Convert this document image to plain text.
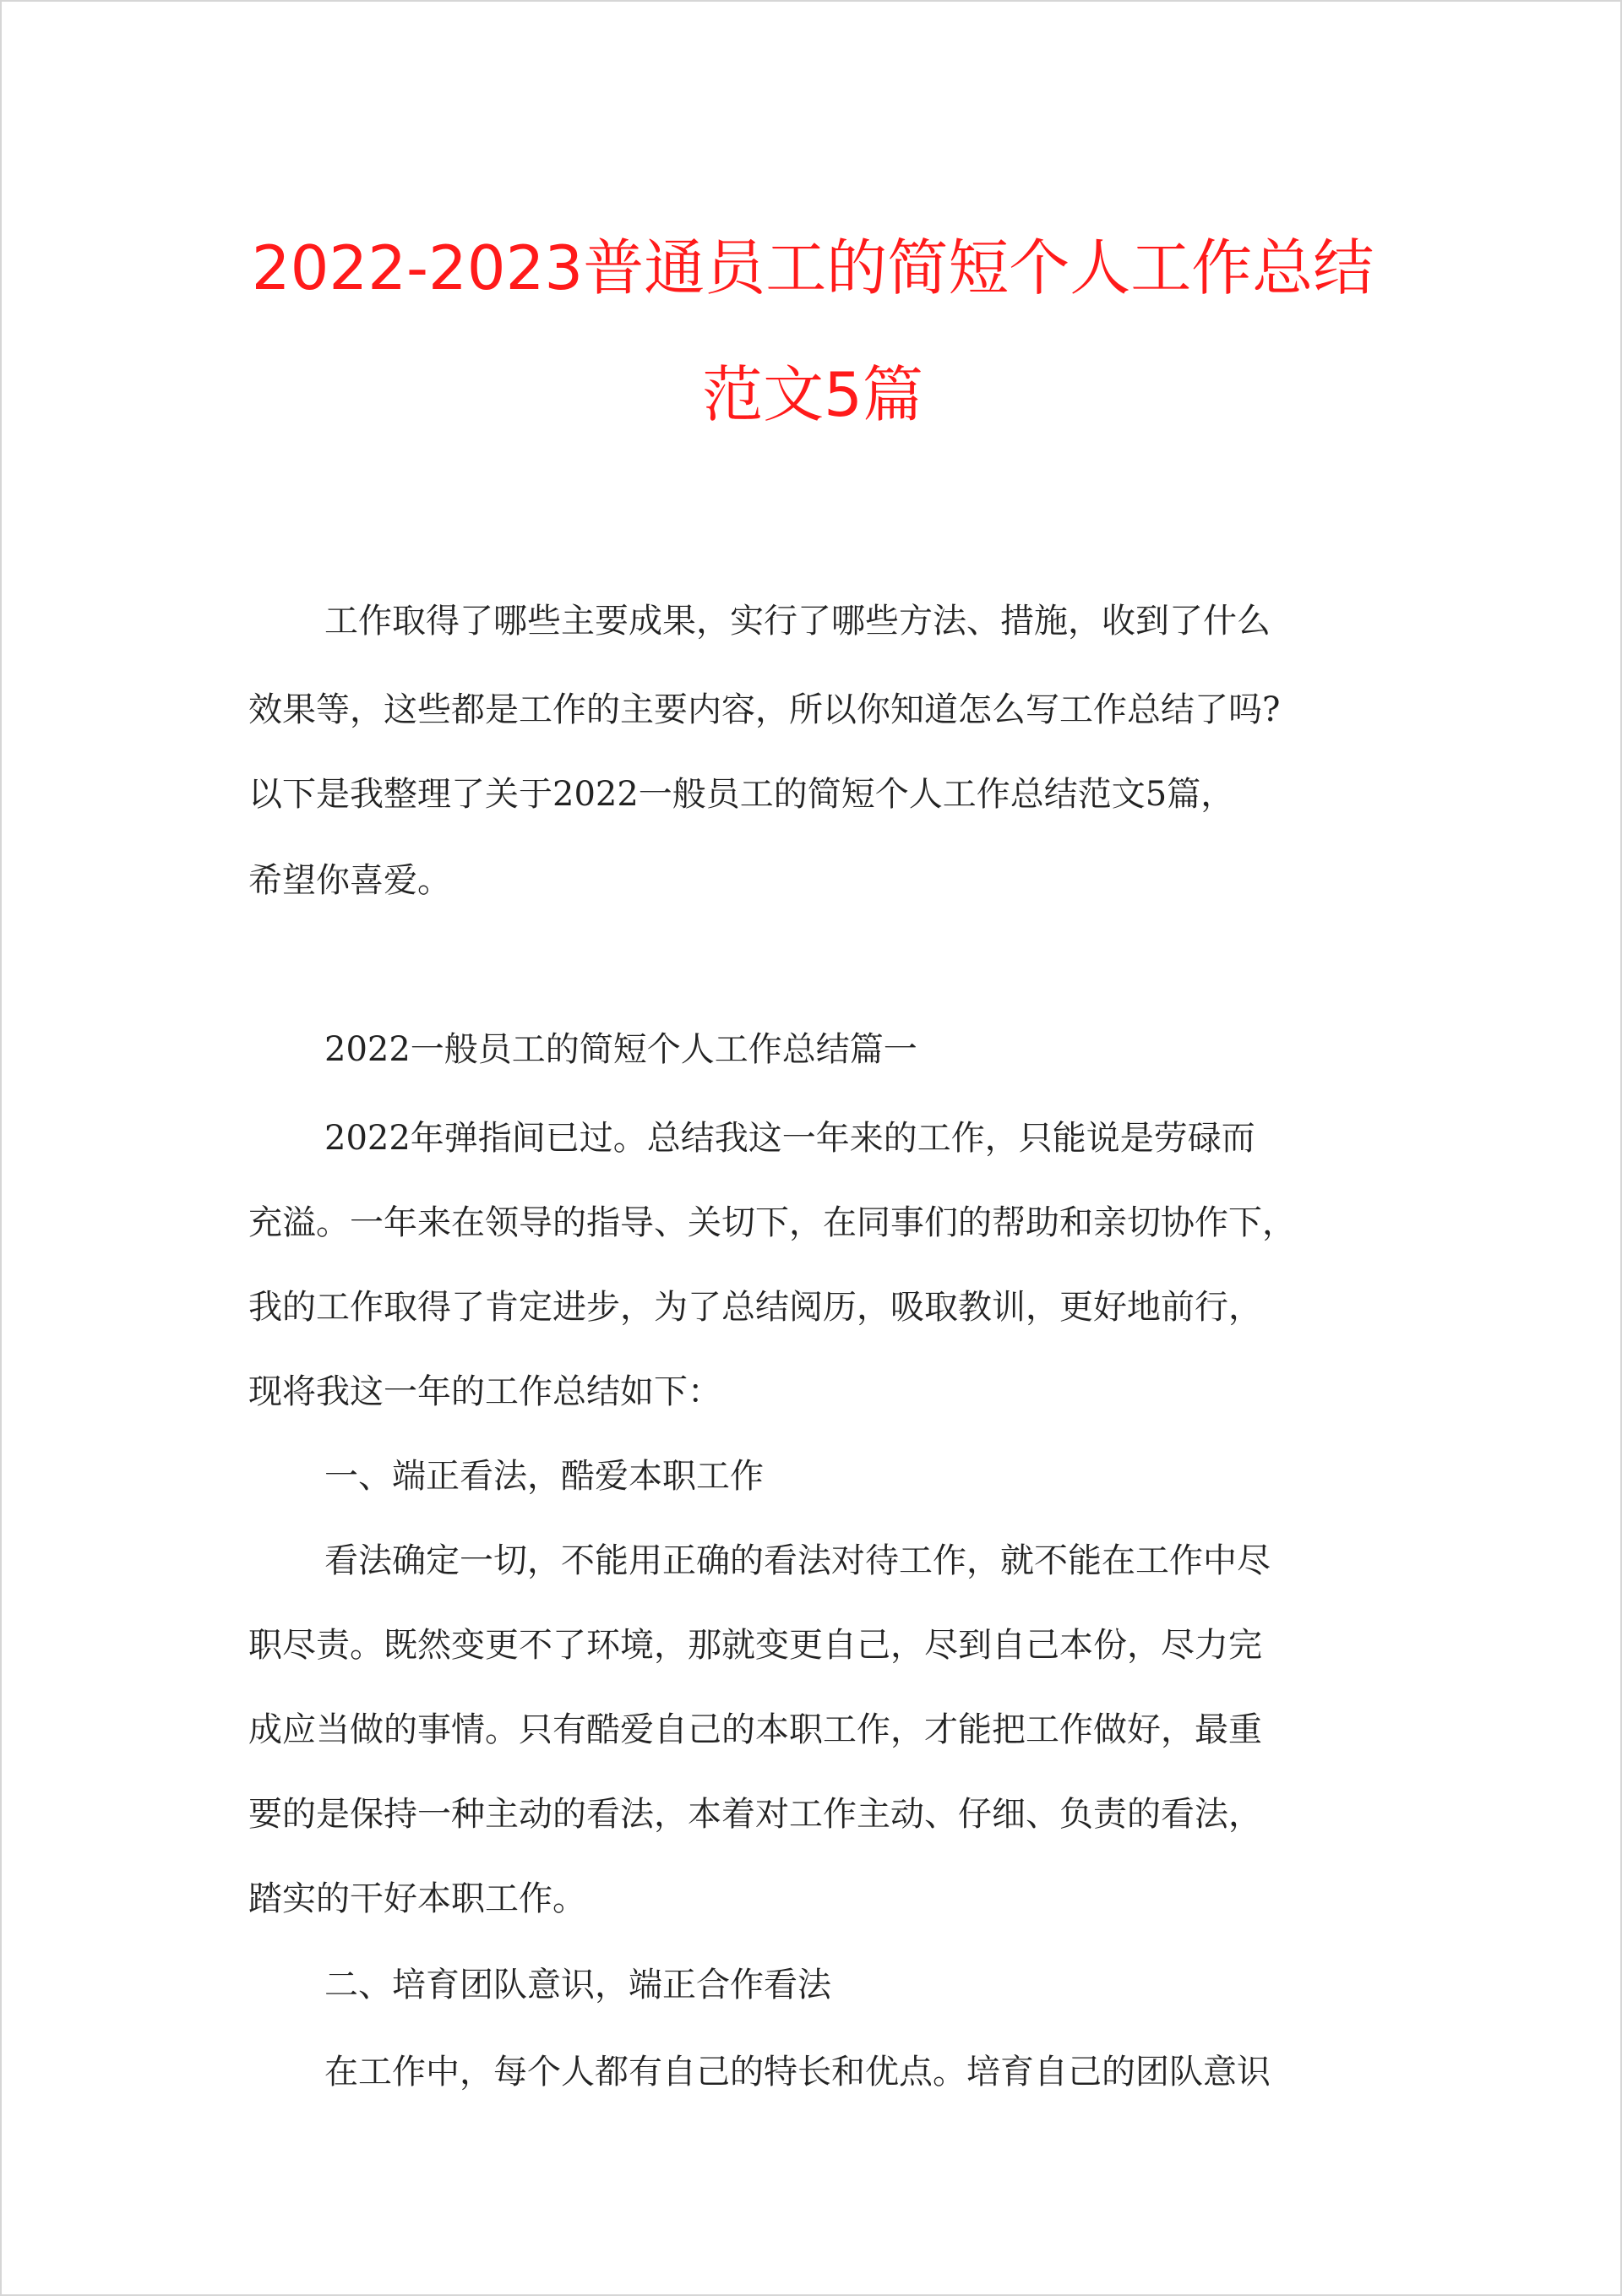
2022-2023普通员工的简短个人工作总结
范文5篇
工作取得了哪些主要成果，实行了哪些方法、措施，收到了什么
效果等，这些都是工作的主要内容，所以你知道怎么写工作总结了吗?
以下是我整理了关于2022一般员工的简短个人工作总结范文5篇，
希望你喜爱。
2022一般员工的简短个人工作总结篇一
2022年弹指间已过。总结我这一年来的工作，只能说是劳碌而
充溢。一年来在领导的指导、关切下，在同事们的帮助和亲切协作下，
我的工作取得了肯定进步，为了总结阅历，吸取教训，更好地前行，
现将我这一年的工作总结如下：
一、端正看法，酷爱本职工作
看法确定一切，不能用正确的看法对待工作，就不能在工作中尽
职尽责。既然变更不了环境，那就变更自己，尽到自己本份，尽力完
成应当做的事情。只有酷爱自己的本职工作，才能把工作做好，最重
要的是保持一种主动的看法，本着对工作主动、仔细、负责的看法，
踏实的干好本职工作。
二、培育团队意识，端正合作看法
在工作中，每个人都有自己的特长和优点。培育自己的团队意识
